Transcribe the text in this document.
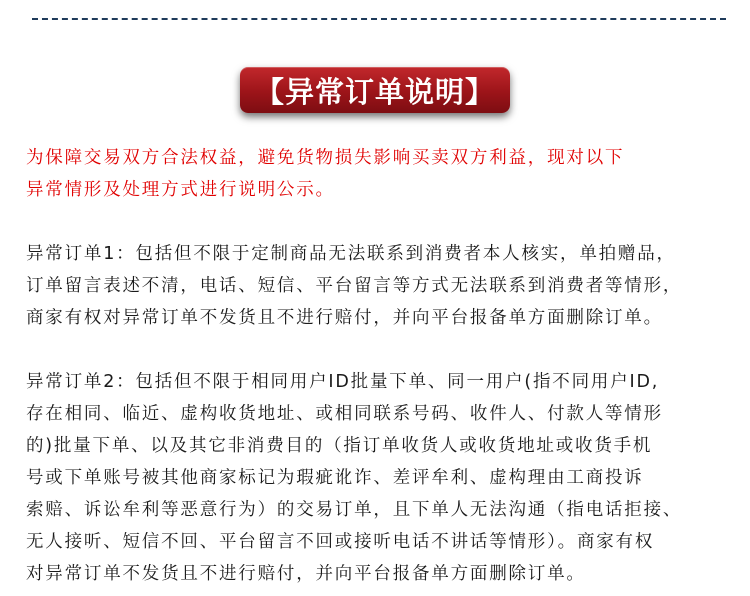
【异常订单说明】
为保障交易双方合法权益，避免货物损失影响买卖双方利益，现对以下
异常情形及处理方式进行说明公示。
异常订单1：包括但不限于定制商品无法联系到消费者本人核实，单拍赠品，
订单留言表述不清，电话、短信、平台留言等方式无法联系到消费者等情形，
商家有权对异常订单不发货且不进行赔付，并向平台报备单方面删除订单。
异常订单2：包括但不限于相同用户ID批量下单、同一用户(指不同用户ID,
存在相同、临近、虚构收货地址、或相同联系号码、收件人、付款人等情形
的)批量下单、以及其它非消费目的（指订单收货人或收货地址或收货手机
号或下单账号被其他商家标记为瑕疵讹诈、差评牟利、虚构理由工商投诉
索赔、诉讼牟利等恶意行为）的交易订单，且下单人无法沟通（指电话拒接、
无人接听、短信不回、平台留言不回或接听电话不讲话等情形）。商家有权
对异常订单不发货且不进行赔付，并向平台报备单方面删除订单。
